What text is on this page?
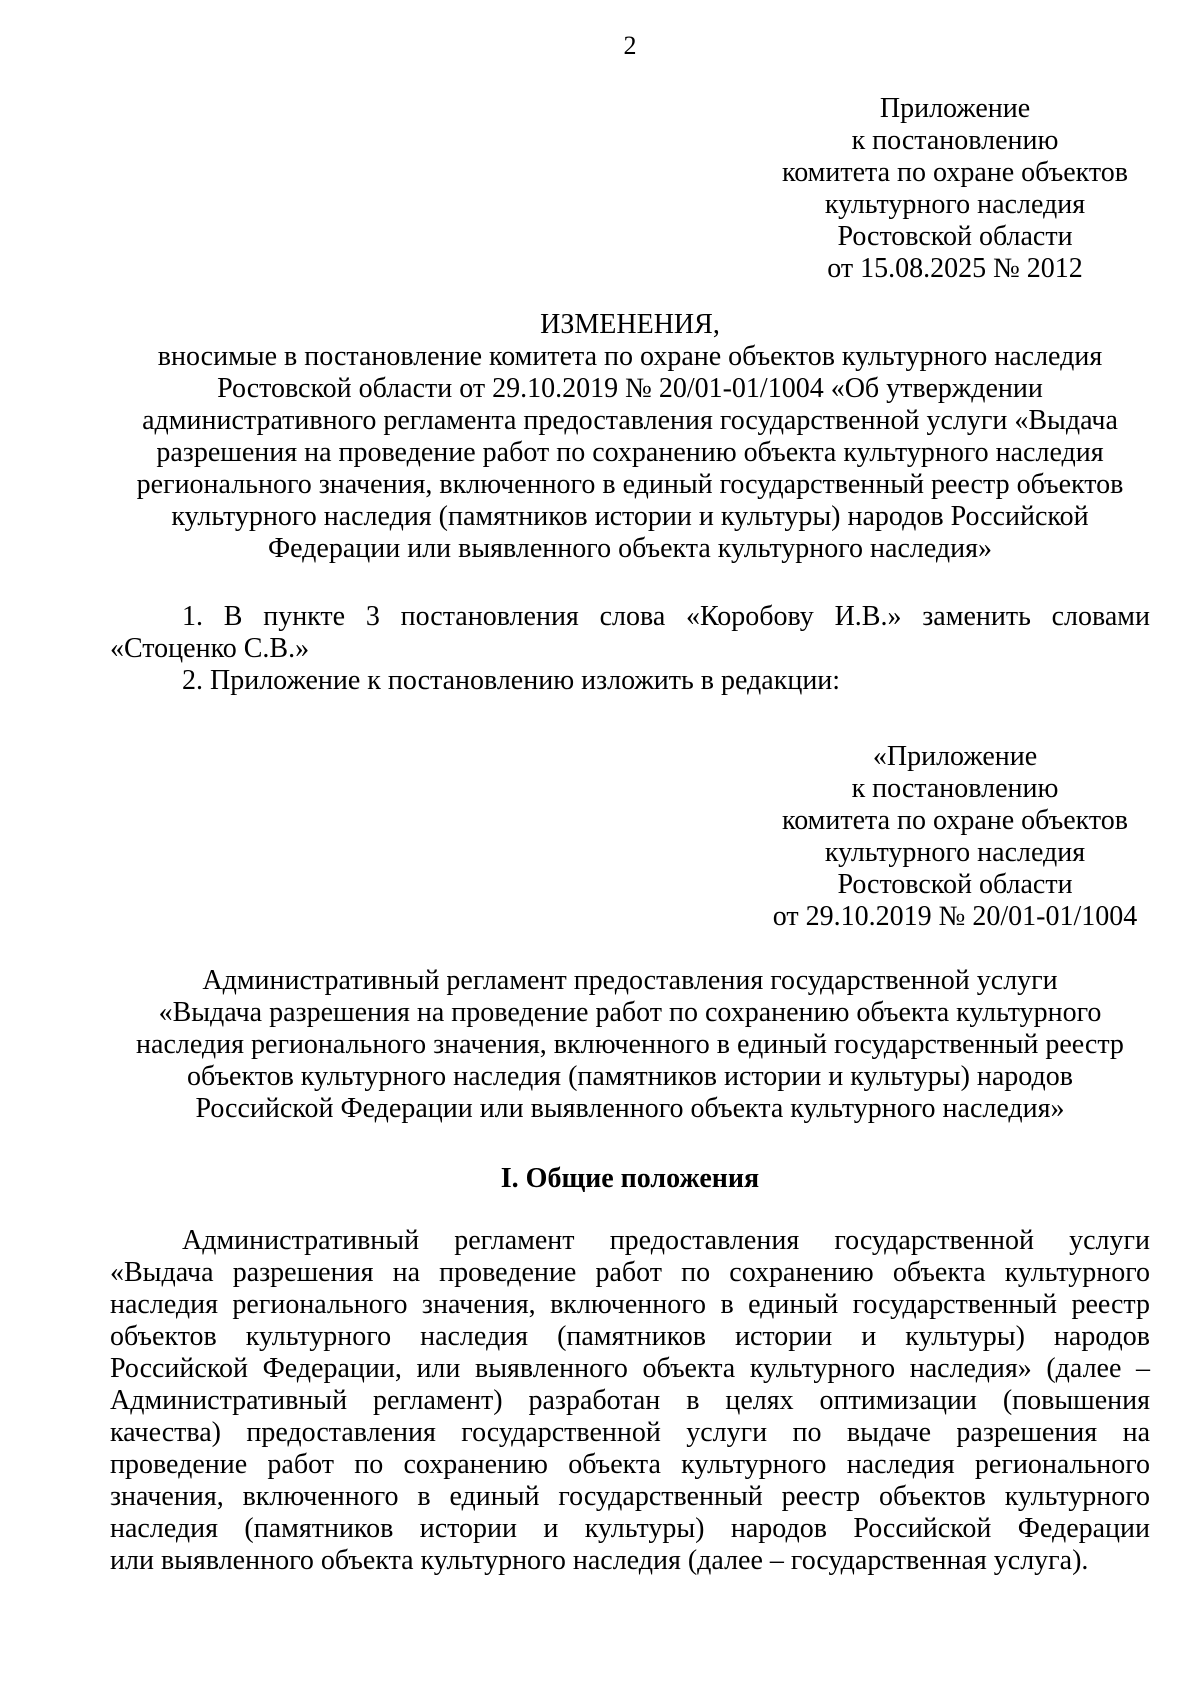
2
Приложение
к постановлению
комитета по охране объектов
культурного наследия
Ростовской области
от 15.08.2025 № 2012
ИЗМЕНЕНИЯ,
вносимые в постановление комитета по охране объектов культурного наследия
Ростовской области от 29.10.2019 № 20/01-01/1004 «Об утверждении
административного регламента предоставления государственной услуги «Выдача
разрешения на проведение работ по сохранению объекта культурного наследия
регионального значения, включенного в единый государственный реестр объектов
культурного наследия (памятников истории и культуры) народов Российской
Федерации или выявленного объекта культурного наследия»
1. В пункте 3 постановления слова «Коробову И.В.» заменить словами
«Стоценко С.В.»
2. Приложение к постановлению изложить в редакции:
«Приложение
к постановлению
комитета по охране объектов
культурного наследия
Ростовской области
от 29.10.2019 № 20/01-01/1004
Административный регламент предоставления государственной услуги
«Выдача разрешения на проведение работ по сохранению объекта культурного
наследия регионального значения, включенного в единый государственный реестр
объектов культурного наследия (памятников истории и культуры) народов
Российской Федерации или выявленного объекта культурного наследия»
I. Общие положения
Административный регламент предоставления государственной услуги
«Выдача разрешения на проведение работ по сохранению объекта культурного
наследия регионального значения, включенного в единый государственный реестр
объектов культурного наследия (памятников истории и культуры) народов
Российской Федерации, или выявленного объекта культурного наследия» (далее –
Административный регламент) разработан в целях оптимизации (повышения
качества) предоставления государственной услуги по выдаче разрешения на
проведение работ по сохранению объекта культурного наследия регионального
значения, включенного в единый государственный реестр объектов культурного
наследия (памятников истории и культуры) народов Российской Федерации
или выявленного объекта культурного наследия (далее – государственная услуга).
